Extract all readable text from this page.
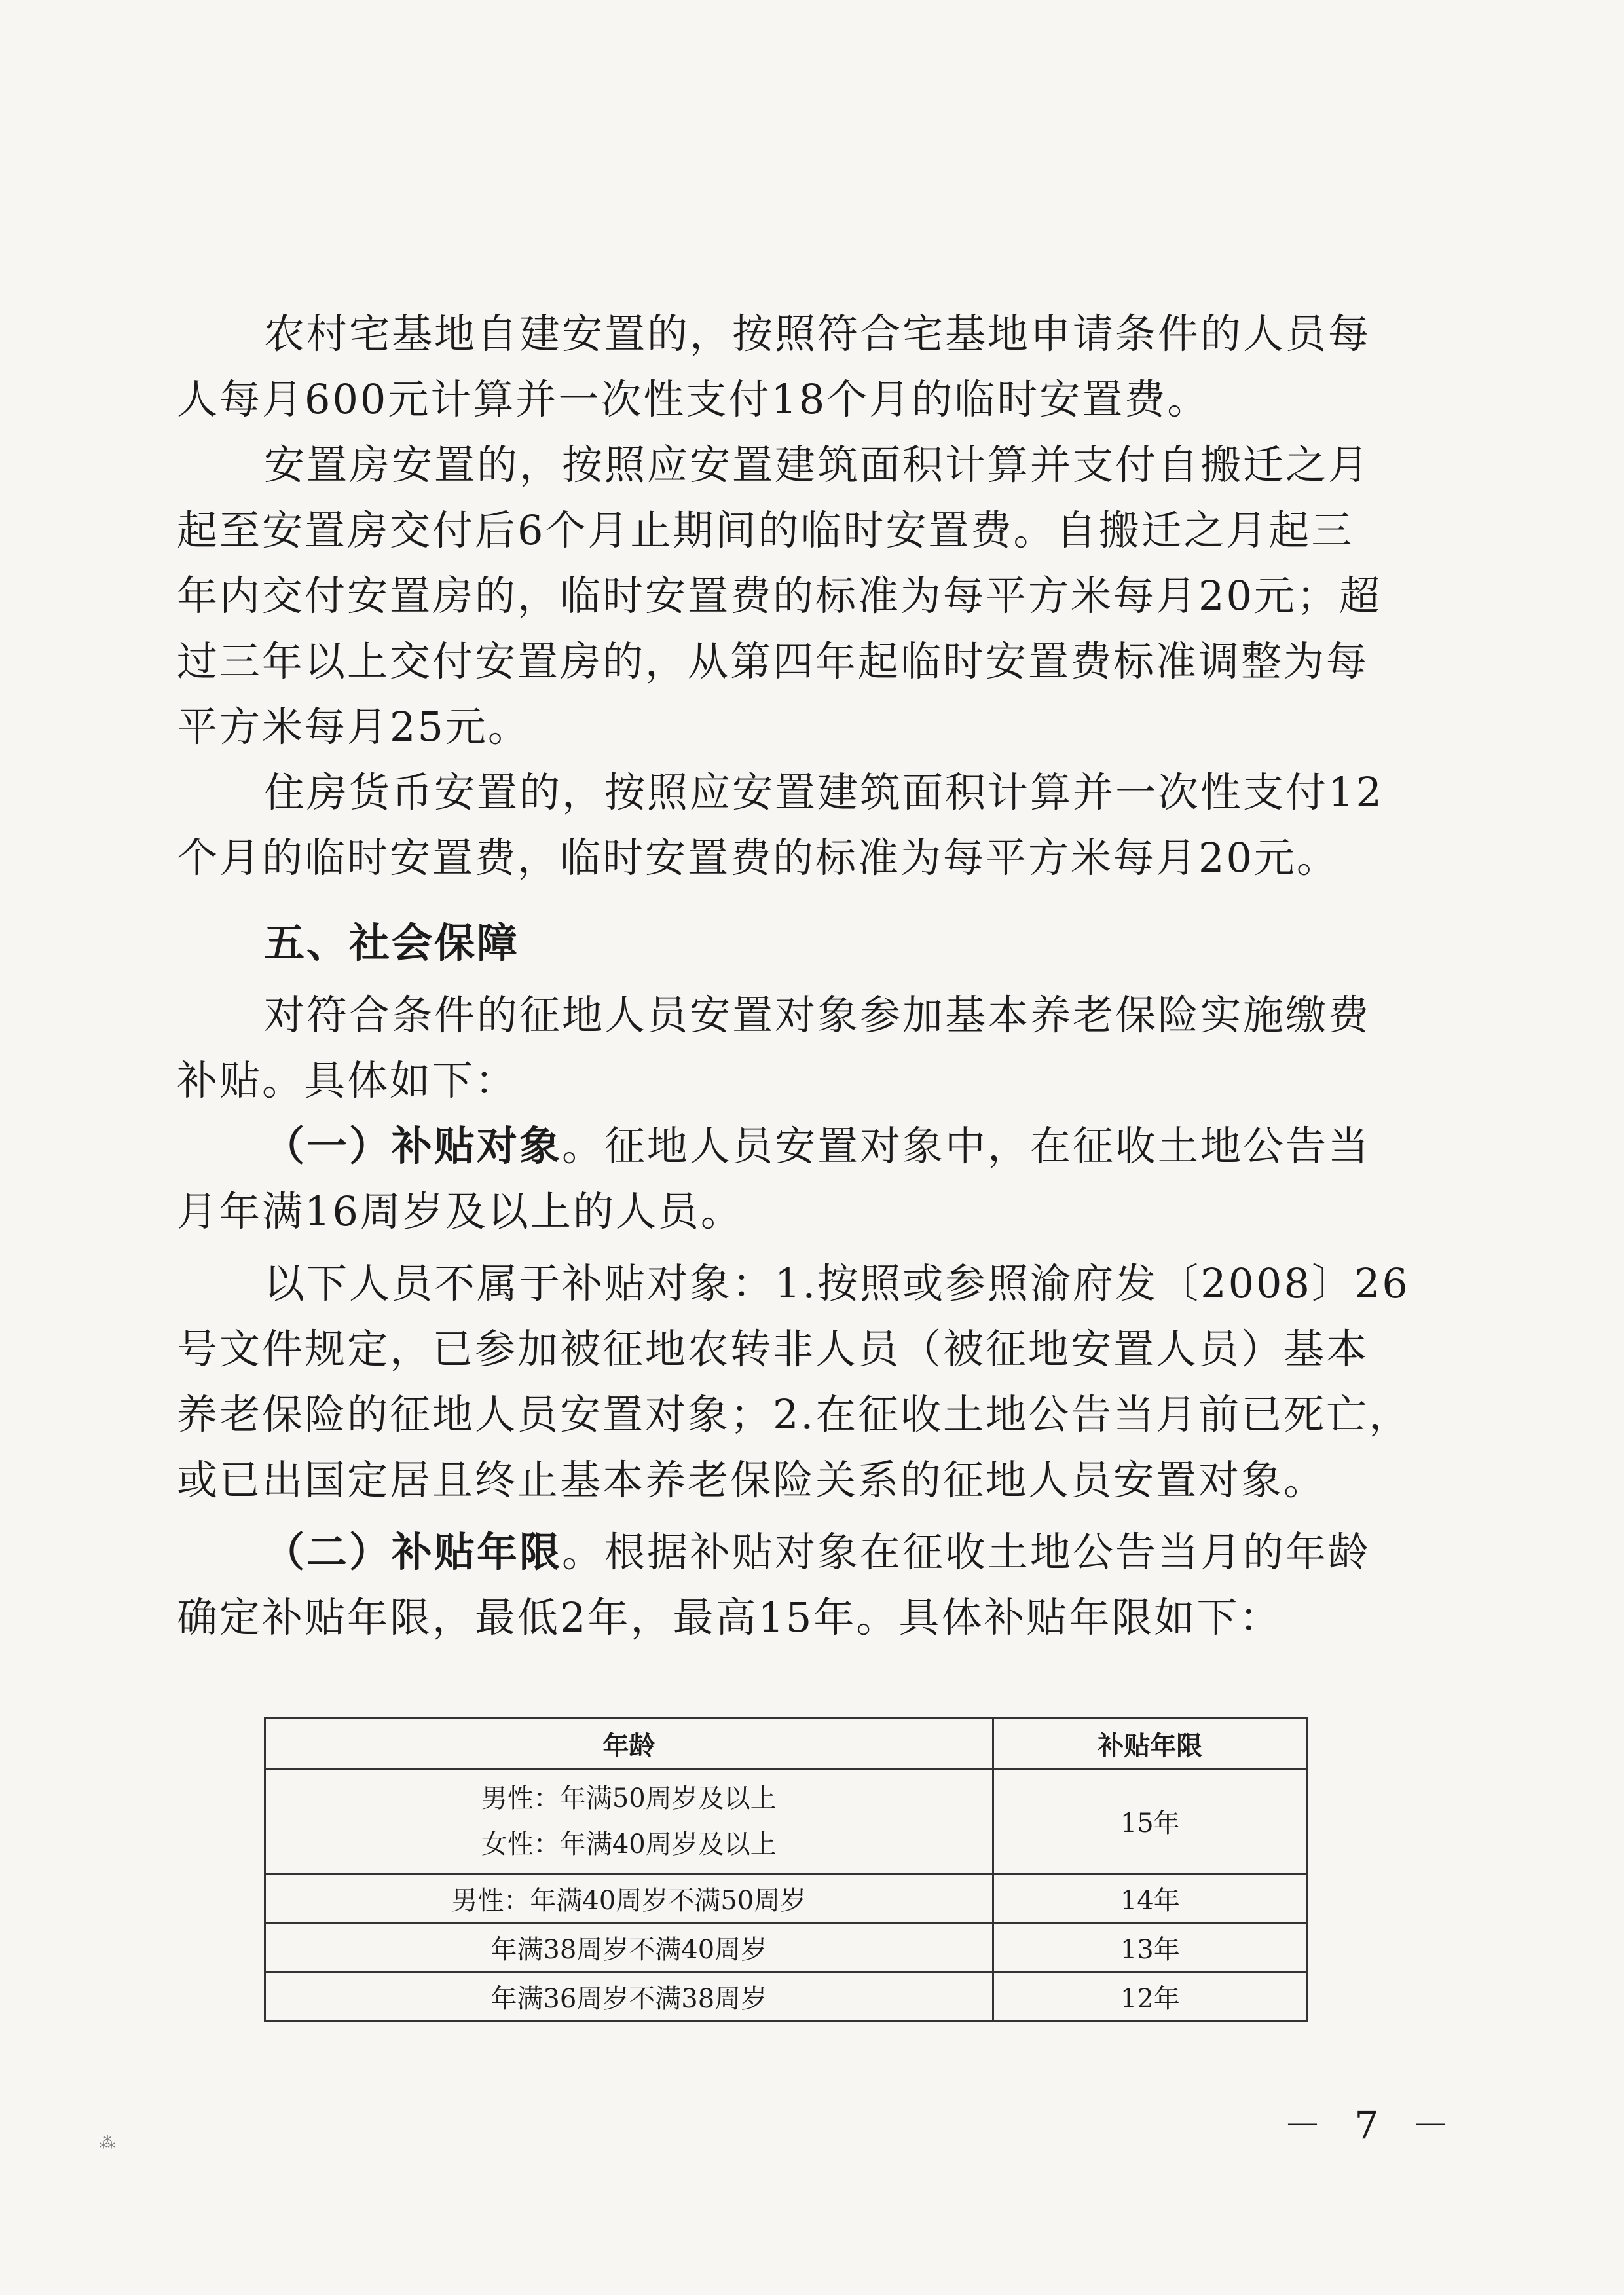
农村宅基地自建安置的，按照符合宅基地申请条件的人员每
人每月600元计算并一次性支付18个月的临时安置费。
安置房安置的，按照应安置建筑面积计算并支付自搬迁之月
起至安置房交付后6个月止期间的临时安置费。自搬迁之月起三
年内交付安置房的，临时安置费的标准为每平方米每月20元；超
过三年以上交付安置房的，从第四年起临时安置费标准调整为每
平方米每月25元。
住房货币安置的，按照应安置建筑面积计算并一次性支付12
个月的临时安置费，临时安置费的标准为每平方米每月20元。
五、社会保障
对符合条件的征地人员安置对象参加基本养老保险实施缴费
补贴。具体如下：
（一）补贴对象。征地人员安置对象中，在征收土地公告当
月年满16周岁及以上的人员。
以下人员不属于补贴对象：1.按照或参照渝府发〔2008〕26
号文件规定，已参加被征地农转非人员（被征地安置人员）基本
养老保险的征地人员安置对象；2.在征收土地公告当月前已死亡，
或已出国定居且终止基本养老保险关系的征地人员安置对象。
（二）补贴年限。根据补贴对象在征收土地公告当月的年龄
确定补贴年限，最低2年，最高15年。具体补贴年限如下：
年龄	补贴年限

男性：年满50周岁及以上
女性：年满40周岁及以上	15年
男性：年满40周岁不满50周岁	14年
年满38周岁不满40周岁	13年
年满36周岁不满38周岁	12年
－ 7 －
⁂
